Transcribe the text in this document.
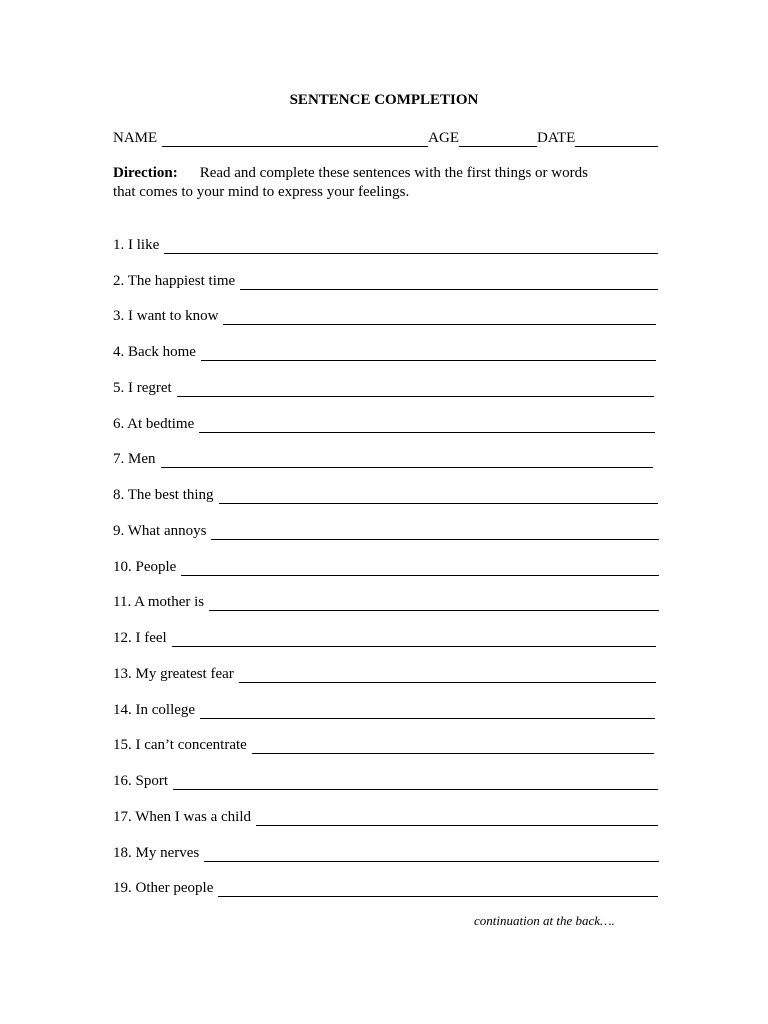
SENTENCE COMPLETION
NAME	AGE	DATE
Direction: Read and complete these sentences with the first things or words
that comes to your mind to express your feelings.
1. I like
2. The happiest time
3. I want to know
4. Back home
5. I regret
6. At bedtime
7. Men
8. The best thing
9. What annoys
10. People
11. A mother is
12. I feel
13. My greatest fear
14. In college
15. I can’t concentrate
16. Sport
17. When I was a child
18. My nerves
19. Other people
continuation at the back….
